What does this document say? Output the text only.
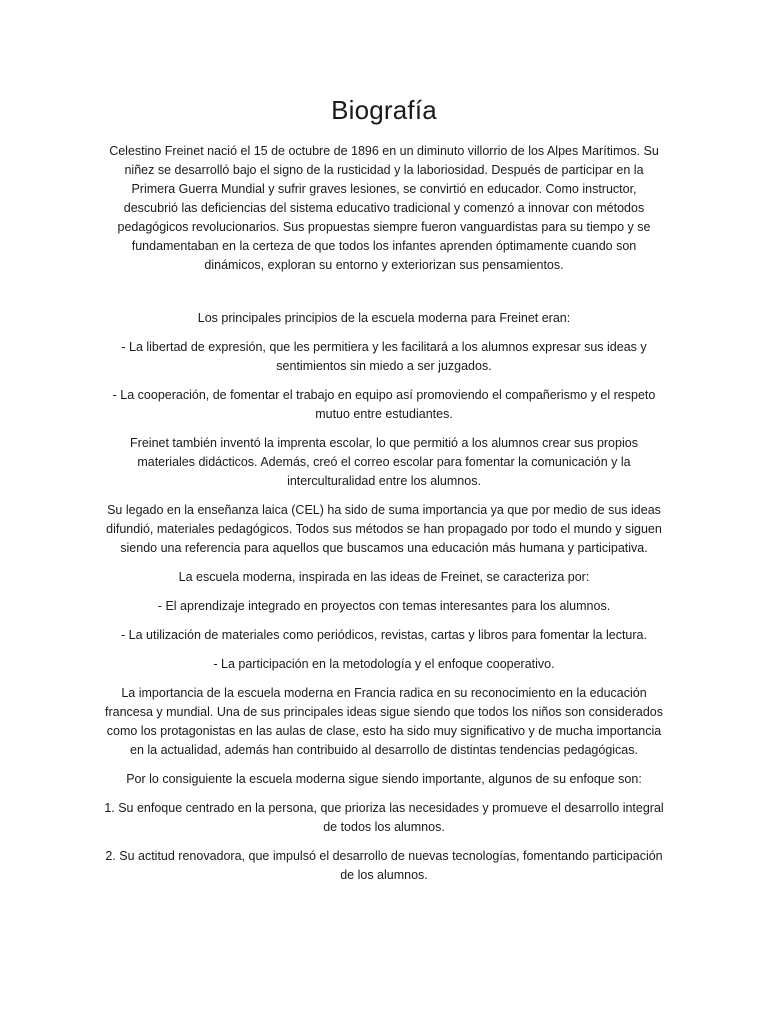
Biografía

Celestino Freinet nació el 15 de octubre de 1896 en un diminuto villorrio de los Alpes Marítimos. Su niñez se desarrolló bajo el signo de la rusticidad y la laboriosidad. Después de participar en la Primera Guerra Mundial y sufrir graves lesiones, se convirtió en educador. Como instructor, descubrió las deficiencias del sistema educativo tradicional y comenzó a innovar con métodos pedagógicos revolucionarios. Sus propuestas siempre fueron vanguardistas para su tiempo y se fundamentaban en la certeza de que todos los infantes aprenden óptimamente cuando son dinámicos, exploran su entorno y exteriorizan sus pensamientos.

Los principales principios de la escuela moderna para Freinet eran:

- La libertad de expresión, que les permitiera y les facilitará a los alumnos expresar sus ideas y sentimientos sin miedo a ser juzgados.

- La cooperación, de fomentar el trabajo en equipo así promoviendo el compañerismo y el respeto mutuo entre estudiantes.

Freinet también inventó la imprenta escolar, lo que permitió a los alumnos crear sus propios materiales didácticos. Además, creó el correo escolar para fomentar la comunicación y la interculturalidad entre los alumnos.

Su legado en la enseñanza laica (CEL) ha sido de suma importancia ya que por medio de sus ideas difundió, materiales pedagógicos. Todos sus métodos se han propagado por todo el mundo y siguen siendo una referencia para aquellos que buscamos una educación más humana y participativa.

La escuela moderna, inspirada en las ideas de Freinet, se caracteriza por:

- El aprendizaje integrado en proyectos con temas interesantes para los alumnos.

- La utilización de materiales como periódicos, revistas, cartas y libros para fomentar la lectura.

- La participación en la metodología y el enfoque cooperativo.

La importancia de la escuela moderna en Francia radica en su reconocimiento en la educación francesa y mundial. Una de sus principales ideas sigue siendo que todos los niños son considerados como los protagonistas en las aulas de clase, esto ha sido muy significativo y de mucha importancia en la actualidad, además han contribuido al desarrollo de distintas tendencias pedagógicas.

Por lo consiguiente la escuela moderna sigue siendo importante, algunos de su enfoque son:

1. Su enfoque centrado en la persona, que prioriza las necesidades y promueve el desarrollo integral de todos los alumnos.

2. Su actitud renovadora, que impulsó el desarrollo de nuevas tecnologías, fomentando participación de los alumnos.
